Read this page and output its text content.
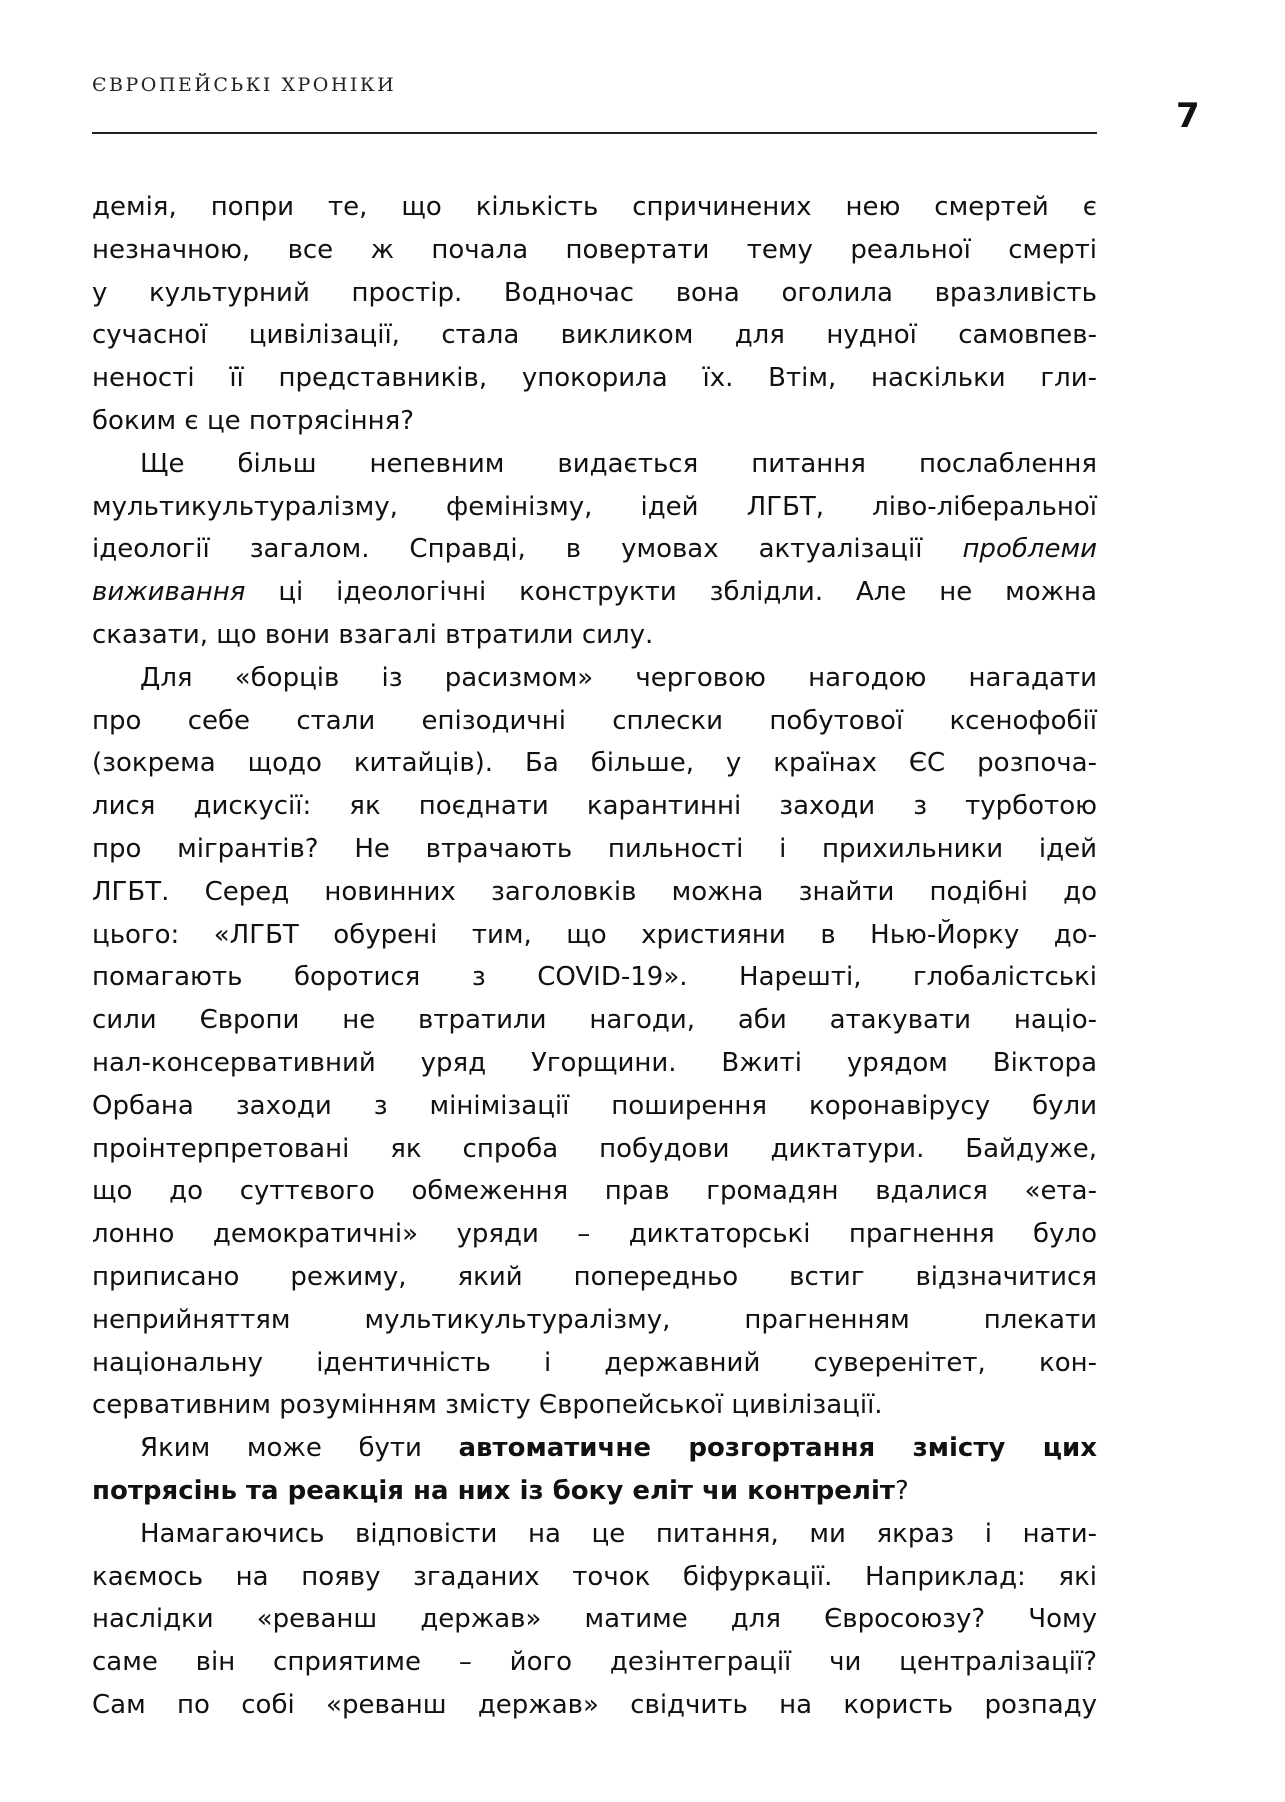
ЄВРОПЕЙСЬКІ ХРОНІКИ
7
демія, попри те, що кількість спричинених нею смертей є
незначною, все ж почала повертати тему реальної смерті
у культурний простір. Водночас вона оголила вразливість
сучасної цивілізації, стала викликом для нудної самовпев-
неності її представників, упокорила їх. Втім, наскільки гли-
боким є це потрясіння?
Ще більш непевним видається питання послаблення
мультикультуралізму, фемінізму, ідей ЛГБТ, ліво-ліберальної
ідеології загалом. Справді, в умовах актуалізації проблеми
виживання ці ідеологічні конструкти зблідли. Але не можна
сказати, що вони взагалі втратили силу.
Для «борців із расизмом» черговою нагодою нагадати
про себе стали епізодичні сплески побутової ксенофобії
(зокрема щодо китайців). Ба більше, у країнах ЄС розпоча-
лися дискусії: як поєднати карантинні заходи з турботою
про мігрантів? Не втрачають пильності і прихильники ідей
ЛГБТ. Серед новинних заголовків можна знайти подібні до
цього: «ЛГБТ обурені тим, що християни в Нью-Йорку до-
помагають боротися з COVID-19». Нарешті, глобалістські
сили Європи не втратили нагоди, аби атакувати націо-
нал-консервативний уряд Угорщини. Вжиті урядом Віктора
Орбана заходи з мінімізації поширення коронавірусу були
проінтерпретовані як спроба побудови диктатури. Байдуже,
що до суттєвого обмеження прав громадян вдалися «ета-
лонно демократичні» уряди – диктаторські прагнення було
приписано режиму, який попередньо встиг відзначитися
неприйняттям мультикультуралізму, прагненням плекати
національну ідентичність і державний суверенітет, кон-
сервативним розумінням змісту Європейської цивілізації.
Яким може бути автоматичне розгортання змісту цих
потрясінь та реакція на них із боку еліт чи контреліт?
Намагаючись відповісти на це питання, ми якраз і нати-
каємось на появу згаданих точок біфуркації. Наприклад: які
наслідки «реванш держав» матиме для Євросоюзу? Чому
саме він сприятиме – його дезінтеграції чи централізації?
Сам по собі «реванш держав» свідчить на користь розпаду
